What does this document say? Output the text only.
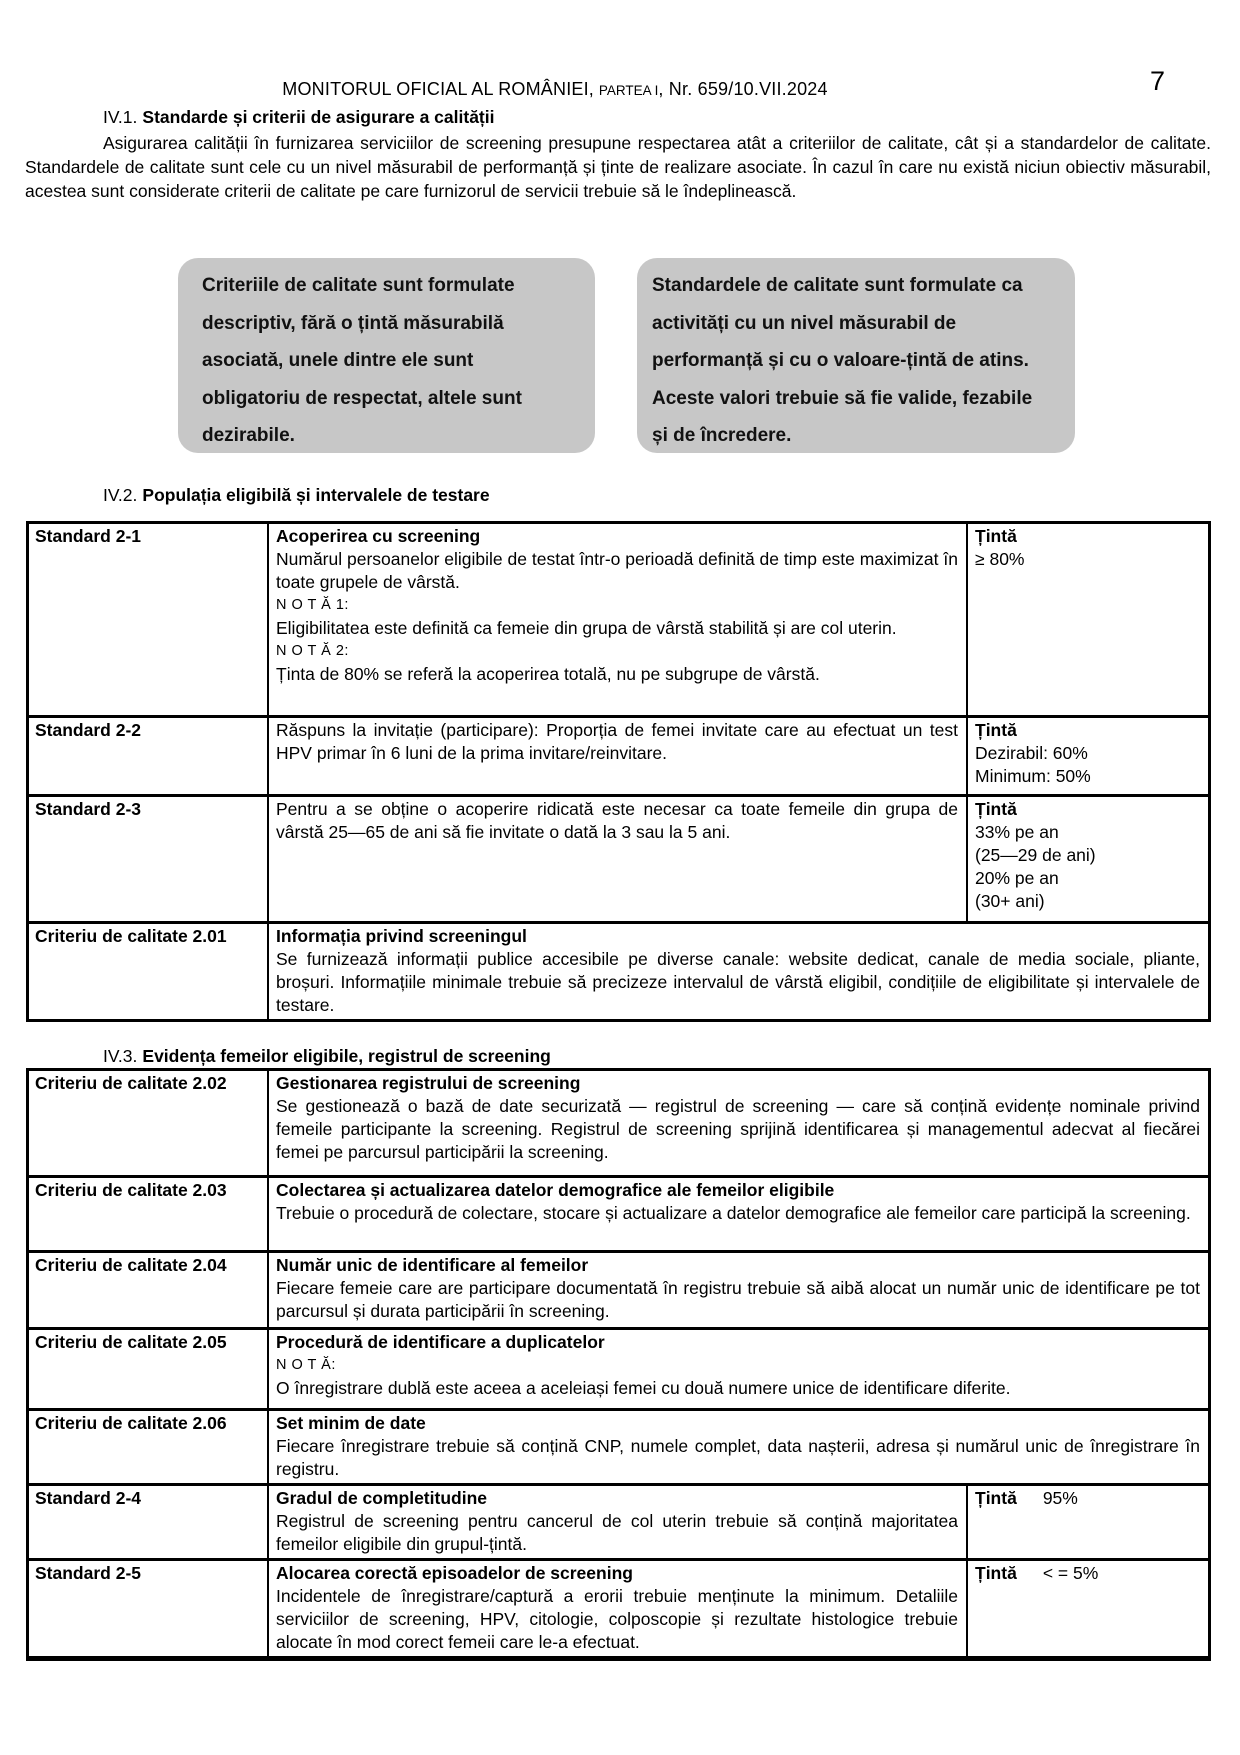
MONITORUL OFICIAL AL ROMÂNIEI, PARTEA I, Nr. 659/10.VII.2024	7
IV.1. Standarde și criterii de asigurare a calității
Asigurarea calității în furnizarea serviciilor de screening presupune respectarea atât a criteriilor de calitate, cât și a standardelor de calitate. Standardele de calitate sunt cele cu un nivel măsurabil de performanță și ținte de realizare asociate. În cazul în care nu există niciun obiectiv măsurabil, acestea sunt considerate criterii de calitate pe care furnizorul de servicii trebuie să le îndeplinească.
Criteriile de calitate sunt formulate
descriptiv, fără o țintă măsurabilă
asociată, unele dintre ele sunt
obligatoriu de respectat, altele sunt
dezirabile.
Standardele de calitate sunt formulate ca
activități cu un nivel măsurabil de
performanță și cu o valoare-țintă de atins.
Aceste valori trebuie să fie valide, fezabile
și de încredere.
IV.2. Populația eligibilă și intervalele de testare
Standard 2-1	Acoperirea cu screening
Numărul persoanelor eligibile de testat într-o perioadă definită de timp este maximizat în toate grupele de vârstă.
N O T Ă 1:
Eligibilitatea este definită ca femeie din grupa de vârstă stabilită și are col uterin.
N O T Ă 2:
Ținta de 80% se referă la acoperirea totală, nu pe subgrupe de vârstă.
Țintă
≥ 80%
Standard 2-2	Răspuns la invitație (participare): Proporția de femei invitate care au efectuat un test HPV primar în 6 luni de la prima invitare/reinvitare.
Țintă
Dezirabil: 60%
Minimum: 50%
Standard 2-3	Pentru a se obține o acoperire ridicată este necesar ca toate femeile din grupa de vârstă 25—65 de ani să fie invitate o dată la 3 sau la 5 ani.
Țintă
33% pe an
(25—29 de ani)
20% pe an
(30+ ani)
Criteriu de calitate 2.01	Informația privind screeningul
Se furnizează informații publice accesibile pe diverse canale: website dedicat, canale de media sociale, pliante, broșuri. Informațiile minimale trebuie să precizeze intervalul de vârstă eligibil, condițiile de eligibilitate și intervalele de testare.
IV.3. Evidența femeilor eligibile, registrul de screening
Criteriu de calitate 2.02	Gestionarea registrului de screening
Se gestionează o bază de date securizată — registrul de screening — care să conțină evidențe nominale privind femeile participante la screening. Registrul de screening sprijină identificarea și managementul adecvat al fiecărei femei pe parcursul participării la screening.
Criteriu de calitate 2.03	Colectarea și actualizarea datelor demografice ale femeilor eligibile
Trebuie o procedură de colectare, stocare și actualizare a datelor demografice ale femeilor care participă la screening.
Criteriu de calitate 2.04	Număr unic de identificare al femeilor
Fiecare femeie care are participare documentată în registru trebuie să aibă alocat un număr unic de identificare pe tot parcursul și durata participării în screening.
Criteriu de calitate 2.05	Procedură de identificare a duplicatelor
N O T Ă:
O înregistrare dublă este aceea a aceleiași femei cu două numere unice de identificare diferite.
Criteriu de calitate 2.06	Set minim de date
Fiecare înregistrare trebuie să conțină CNP, numele complet, data nașterii, adresa și numărul unic de înregistrare în registru.
Standard 2-4	Gradul de completitudine
Registrul de screening pentru cancerul de col uterin trebuie să conțină majoritatea femeilor eligibile din grupul-țintă.
Țintă 95%
Standard 2-5	Alocarea corectă episoadelor de screening
Incidentele de înregistrare/captură a erorii trebuie menținute la minimum. Detaliile serviciilor de screening, HPV, citologie, colposcopie și rezultate histologice trebuie alocate în mod corect femeii care le-a efectuat.
Țintă < = 5%
